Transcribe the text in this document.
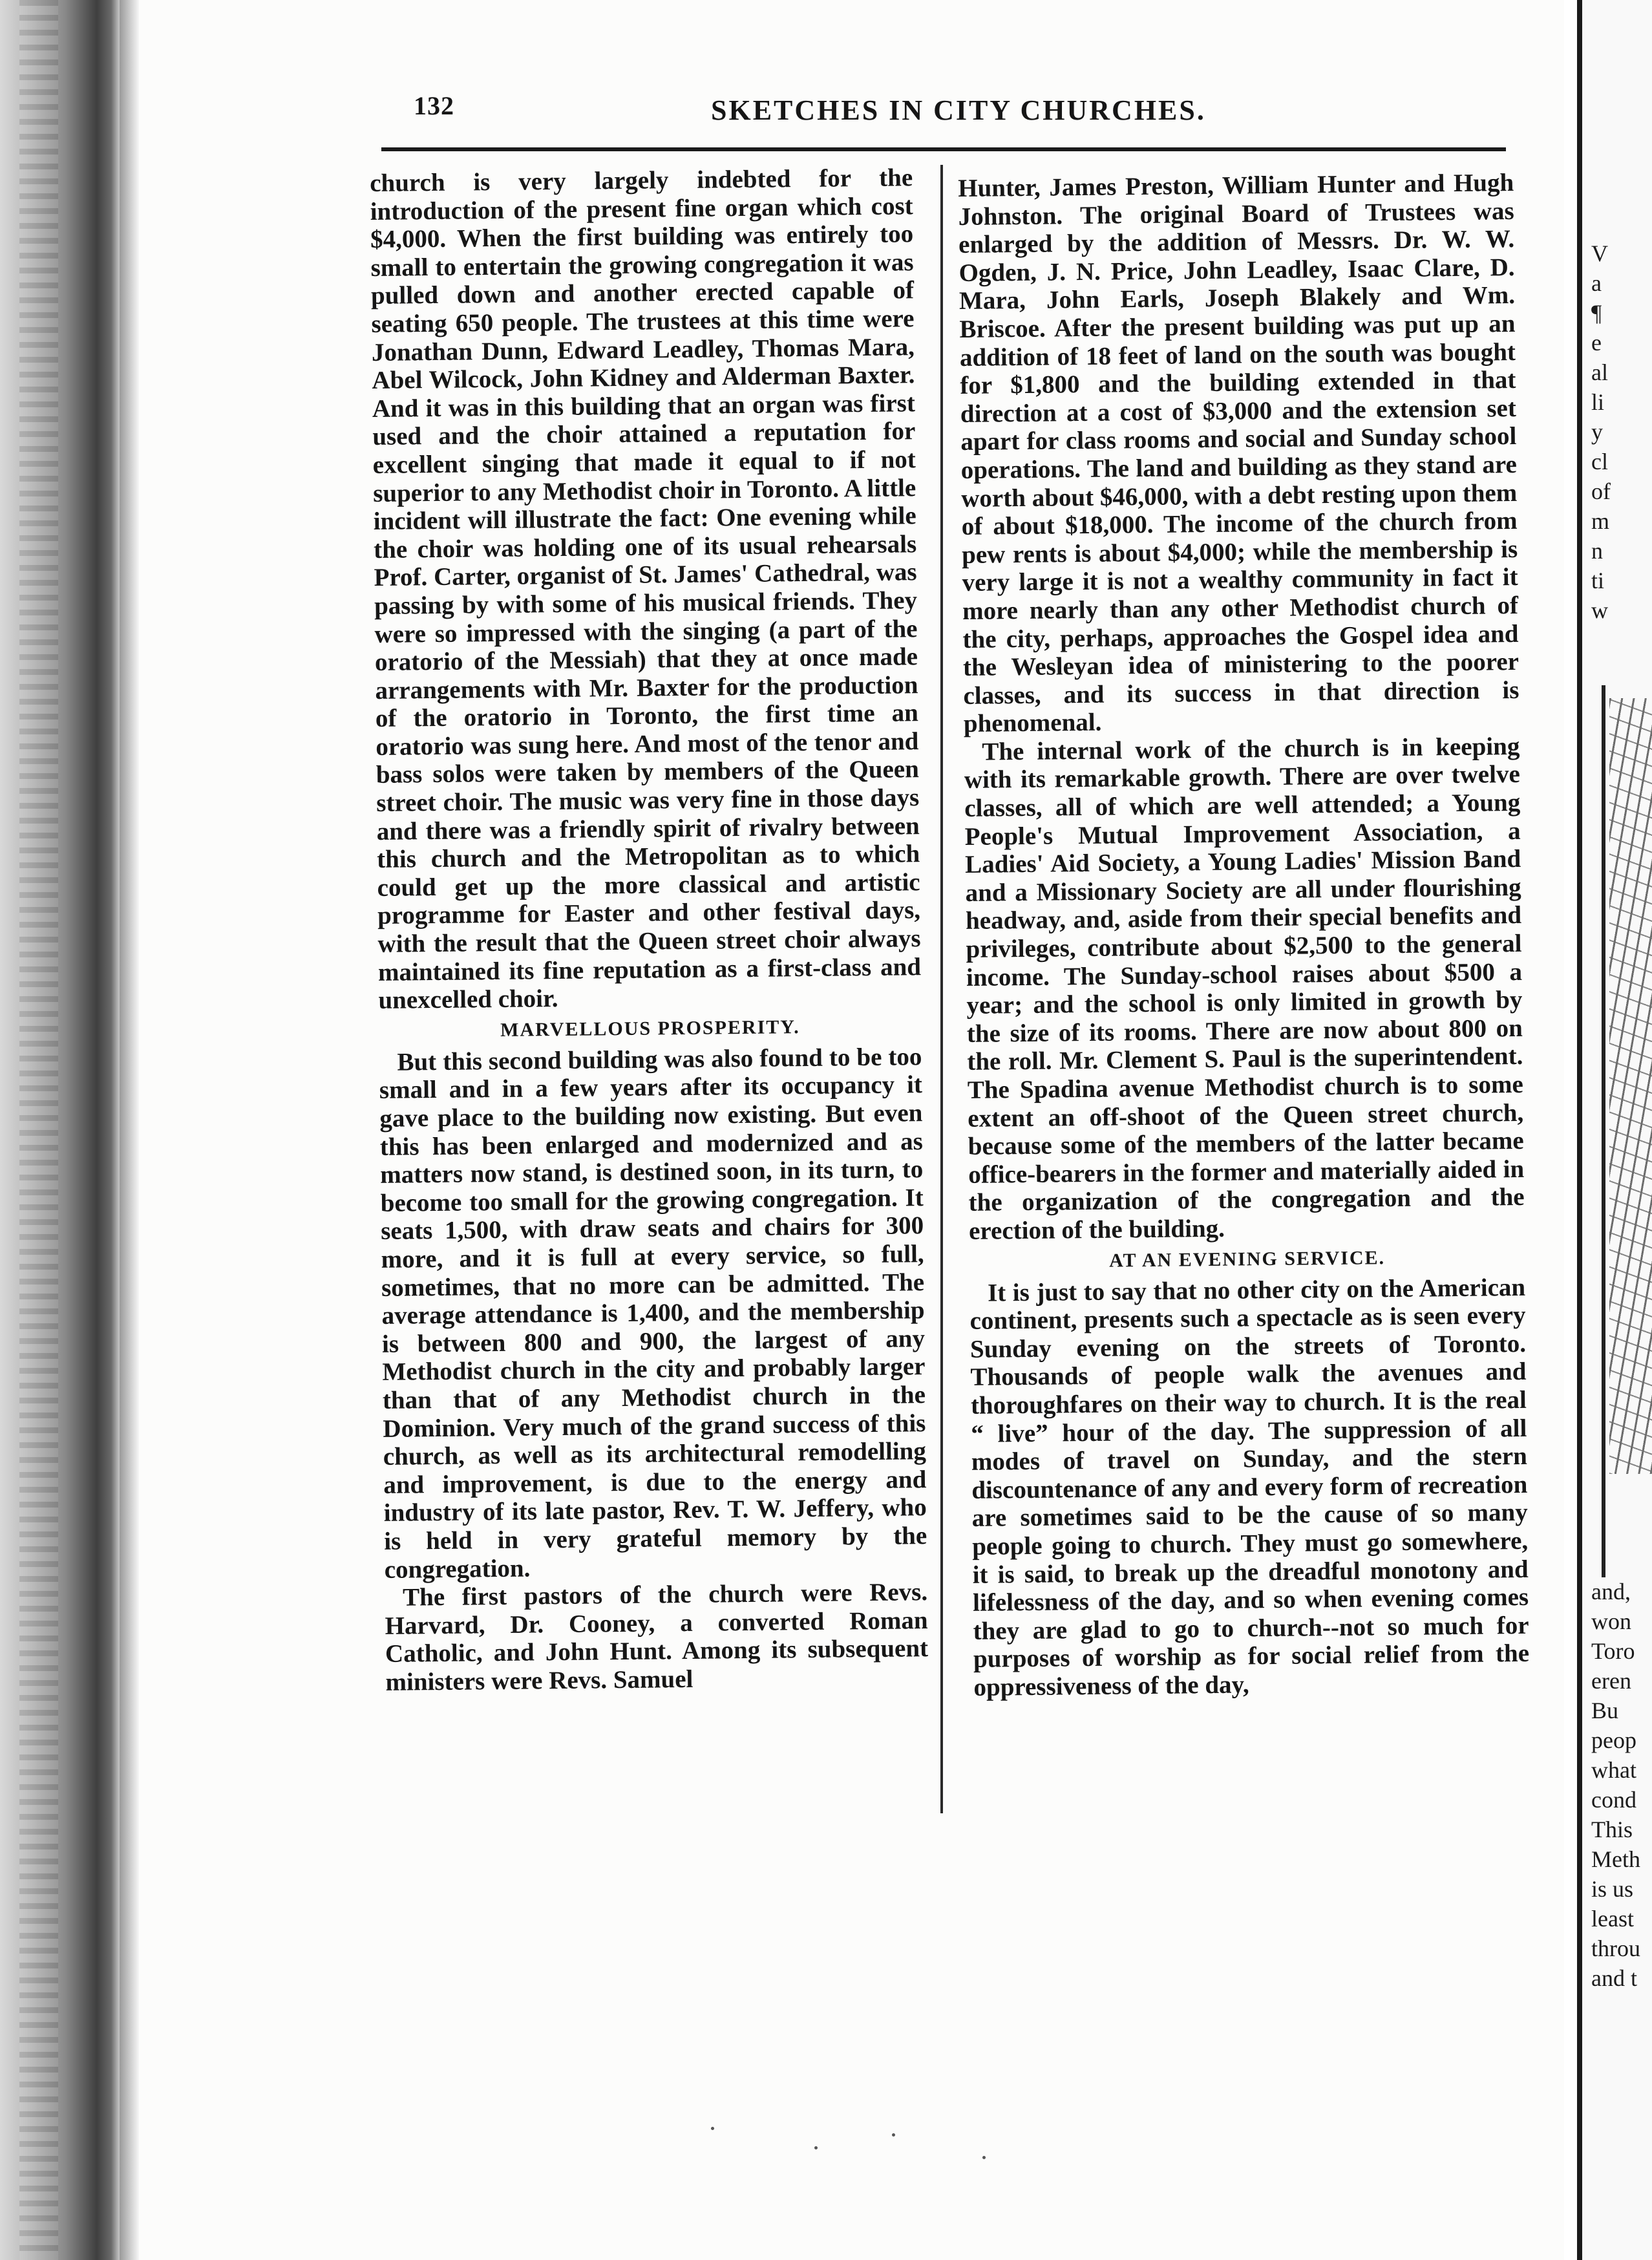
132	SKETCHES IN CITY CHURCHES.

church is very largely indebted for the introduction of the present fine organ which cost $4,000. When the first building was entirely too small to entertain the growing congregation it was pulled down and another erected capable of seating 650 people. The trustees at this time were Jonathan Dunn, Edward Leadley, Thomas Mara, Abel Wilcock, John Kidney and Alderman Baxter. And it was in this building that an organ was first used and the choir attained a reputation for excellent singing that made it equal to if not superior to any Methodist choir in Toronto. A little incident will illustrate the fact: One evening while the choir was holding one of its usual rehearsals Prof. Carter, organist of St. James' Cathedral, was passing by with some of his musical friends. They were so impressed with the singing (a part of the oratorio of the Messiah) that they at once made arrangements with Mr. Baxter for the production of the oratorio in Toronto, the first time an oratorio was sung here. And most of the tenor and bass solos were taken by members of the Queen street choir. The music was very fine in those days and there was a friendly spirit of rivalry between this church and the Metropolitan as to which could get up the more classical and artistic programme for Easter and other festival days, with the result that the Queen street choir always maintained its fine reputation as a first-class and unexcelled choir.

MARVELLOUS PROSPERITY.

But this second building was also found to be too small and in a few years after its occupancy it gave place to the building now existing. But even this has been enlarged and modernized and as matters now stand, is destined soon, in its turn, to become too small for the growing congregation. It seats 1,500, with draw seats and chairs for 300 more, and it is full at every service, so full, sometimes, that no more can be admitted. The average attendance is 1,400, and the membership is between 800 and 900, the largest of any Methodist church in the city and probably larger than that of any Methodist church in the Dominion. Very much of the grand success of this church, as well as its architectural remodelling and improvement, is due to the energy and industry of its late pastor, Rev. T. W. Jeffery, who is held in very grateful memory by the congregation.

The first pastors of the church were Revs. Harvard, Dr. Cooney, a converted Roman Catholic, and John Hunt. Among its subsequent ministers were Revs. Samuel

Hunter, James Preston, William Hunter and Hugh Johnston. The original Board of Trustees was enlarged by the addition of Messrs. Dr. W. W. Ogden, J. N. Price, John Leadley, Isaac Clare, D. Mara, John Earls, Joseph Blakely and Wm. Briscoe. After the present building was put up an addition of 18 feet of land on the south was bought for $1,800 and the building extended in that direction at a cost of $3,000 and the extension set apart for class rooms and social and Sunday school operations. The land and building as they stand are worth about $46,000, with a debt resting upon them of about $18,000. The income of the church from pew rents is about $4,000; while the membership is very large it is not a wealthy community in fact it more nearly than any other Methodist church of the city, perhaps, approaches the Gospel idea and the Wesleyan idea of ministering to the poorer classes, and its success in that direction is phenomenal.

The internal work of the church is in keeping with its remarkable growth. There are over twelve classes, all of which are well attended; a Young People's Mutual Improvement Association, a Ladies' Aid Society, a Young Ladies' Mission Band and a Missionary Society are all under flourishing headway, and, aside from their special benefits and privileges, contribute about $2,500 to the general income. The Sunday-school raises about $500 a year; and the school is only limited in growth by the size of its rooms. There are now about 800 on the roll. Mr. Clement S. Paul is the superintendent. The Spadina avenue Methodist church is to some extent an off-shoot of the Queen street church, because some of the members of the latter became office-bearers in the former and materially aided in the organization of the congregation and the erection of the building.

AT AN EVENING SERVICE.

It is just to say that no other city on the American continent, presents such a spectacle as is seen every Sunday evening on the streets of Toronto. Thousands of people walk the avenues and thoroughfares on their way to church. It is the real “ live” hour of the day. The suppression of all modes of travel on Sunday, and the stern discountenance of any and every form of recreation are sometimes said to be the cause of so many people going to church. They must go somewhere, it is said, to break up the dreadful monotony and lifelessness of the day, and so when evening comes they are glad to go to church--not so much for purposes of worship as for social relief from the oppressiveness of the day,

V
a
¶
e
al
li
y
cl
of
m
n
ti
w
and,
won
Toro
eren
Bu
peop
what
cond
This
Meth
is us
least
throu
and t
